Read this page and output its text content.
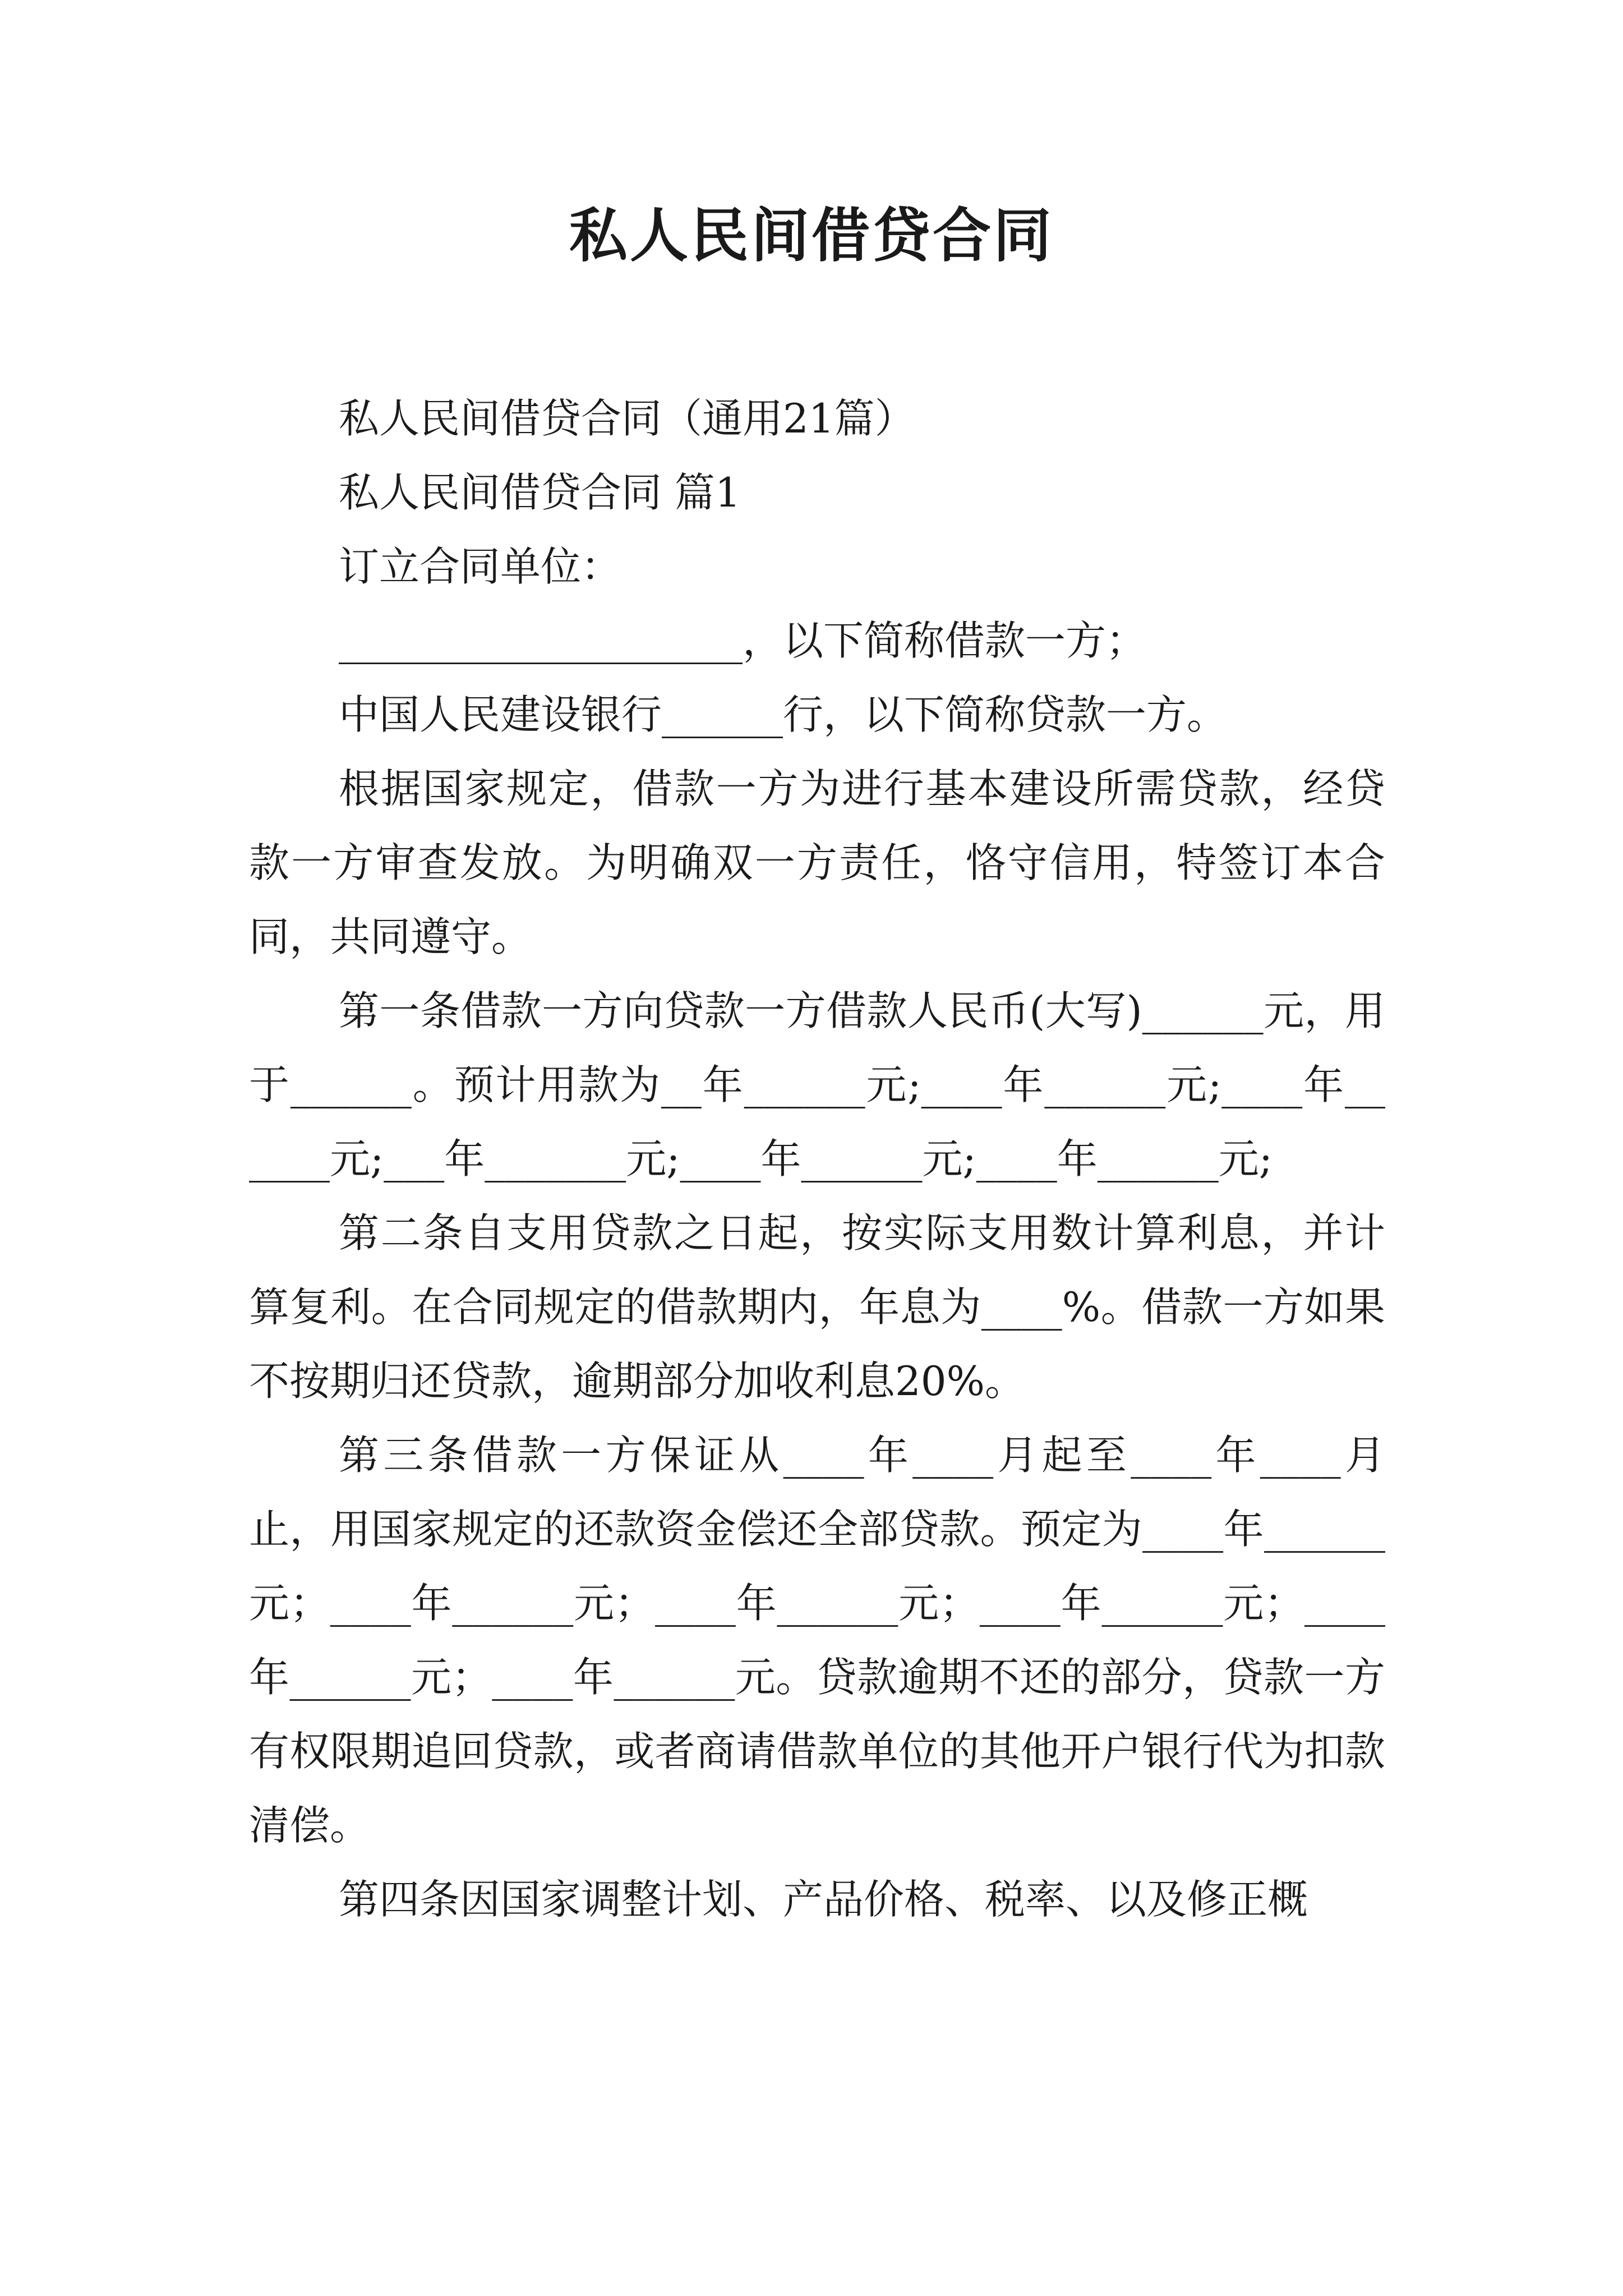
私人民间借贷合同

私人民间借贷合同（通用21篇）

私人民间借贷合同 篇1

订立合同单位：

____________________，以下简称借款一方；

中国人民建设银行______行，以下简称贷款一方。

根据国家规定，借款一方为进行基本建设所需贷款，经贷款一方审查发放。为明确双一方责任，恪守信用，特签订本合同，共同遵守。

第一条借款一方向贷款一方借款人民币(大写)______元，用于______。预计用款为__年______元;____年______元;____年______元;___年_______元;____年______元;____年______元;

第二条自支用贷款之日起，按实际支用数计算利息，并计算复利。在合同规定的借款期内，年息为____%。借款一方如果不按期归还贷款，逾期部分加收利息20%。

第三条借款一方保证从____年____月起至____年____月止，用国家规定的还款资金偿还全部贷款。预定为____年______元；____年______元；____年______元；____年______元；____年______元；____年______元。贷款逾期不还的部分，贷款一方有权限期追回贷款，或者商请借款单位的其他开户银行代为扣款清偿。

第四条因国家调整计划、产品价格、税率、以及修正概
